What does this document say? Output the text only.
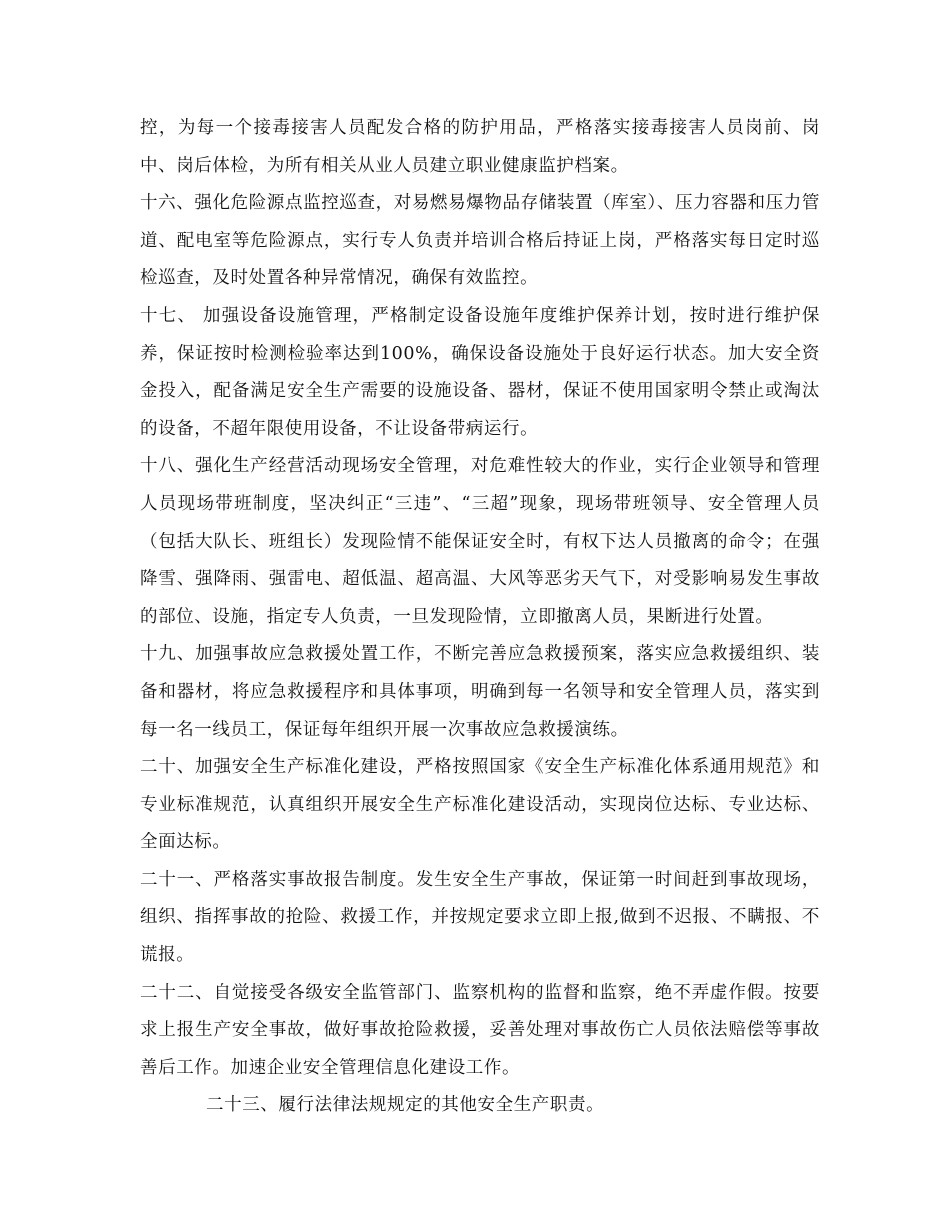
控，为每一个接毒接害人员配发合格的防护用品，严格落实接毒接害人员岗前、岗中、岗后体检，为所有相关从业人员建立职业健康监护档案。

十六、强化危险源点监控巡查，对易燃易爆物品存储装置（库室）、压力容器和压力管道、配电室等危险源点，实行专人负责并培训合格后持证上岗，严格落实每日定时巡检巡查，及时处置各种异常情况，确保有效监控。

十七、 加强设备设施管理，严格制定设备设施年度维护保养计划，按时进行维护保养，保证按时检测检验率达到100%，确保设备设施处于良好运行状态。加大安全资金投入，配备满足安全生产需要的设施设备、器材，保证不使用国家明令禁止或淘汰的设备，不超年限使用设备，不让设备带病运行。

十八、强化生产经营活动现场安全管理，对危难性较大的作业，实行企业领导和管理人员现场带班制度，坚决纠正“三违”、“三超”现象，现场带班领导、安全管理人员（包括大队长、班组长）发现险情不能保证安全时，有权下达人员撤离的命令；在强降雪、强降雨、强雷电、超低温、超高温、大风等恶劣天气下，对受影响易发生事故的部位、设施，指定专人负责，一旦发现险情，立即撤离人员，果断进行处置。

十九、加强事故应急救援处置工作，不断完善应急救援预案，落实应急救援组织、装备和器材，将应急救援程序和具体事项，明确到每一名领导和安全管理人员，落实到每一名一线员工，保证每年组织开展一次事故应急救援演练。

二十、加强安全生产标准化建设，严格按照国家《安全生产标准化体系通用规范》和专业标准规范，认真组织开展安全生产标准化建设活动，实现岗位达标、专业达标、全面达标。

二十一、严格落实事故报告制度。发生安全生产事故，保证第一时间赶到事故现场，组织、指挥事故的抢险、救援工作，并按规定要求立即上报,做到不迟报、不瞒报、不谎报。

二十二、自觉接受各级安全监管部门、监察机构的监督和监察，绝不弄虚作假。按要求上报生产安全事故，做好事故抢险救援，妥善处理对事故伤亡人员依法赔偿等事故善后工作。加速企业安全管理信息化建设工作。

二十三、履行法律法规规定的其他安全生产职责。
